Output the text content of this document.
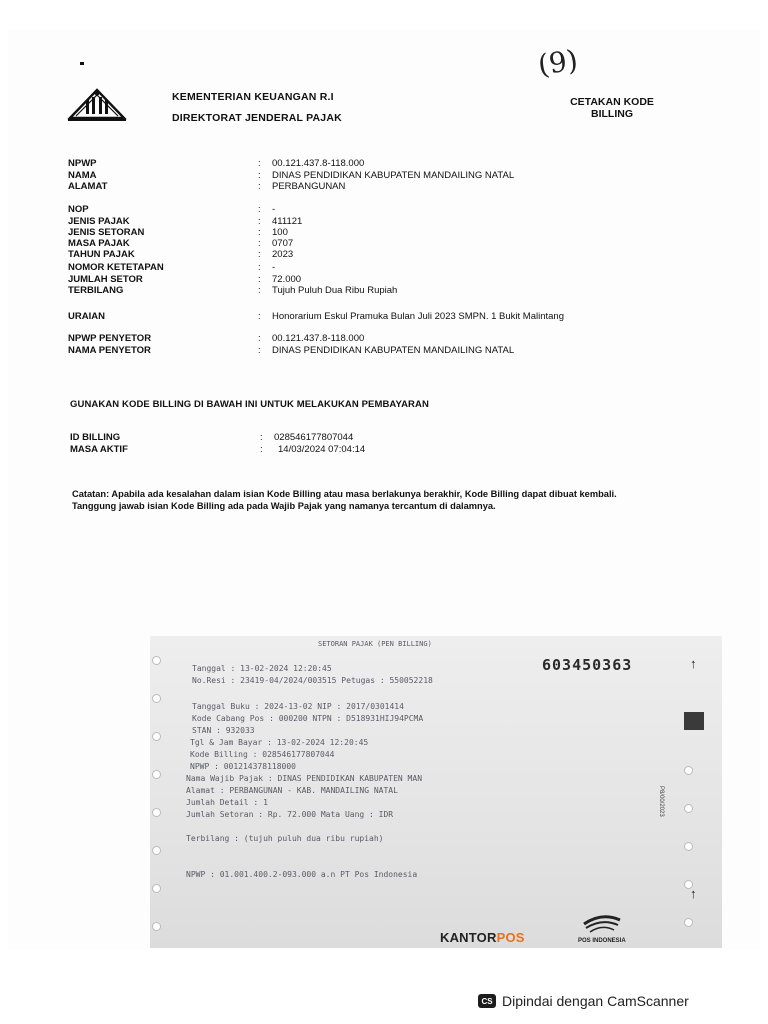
(9)
KEMENTERIAN KEUANGAN R.I
DIREKTORAT JENDERAL PAJAK
CETAKAN KODE
BILLING
NPWP	: 00.121.437.8-118.000
NAMA	: DINAS PENDIDIKAN KABUPATEN MANDAILING NATAL
ALAMAT	: PERBANGUNAN
NOP	: -
JENIS PAJAK	: 411121
JENIS SETORAN	: 100
MASA PAJAK	: 0707
TAHUN PAJAK	: 2023
NOMOR KETETAPAN	: -
JUMLAH SETOR	: 72.000
TERBILANG	: Tujuh Puluh Dua Ribu Rupiah
URAIAN	: Honorarium Eskul Pramuka Bulan Juli 2023 SMPN. 1 Bukit Malintang
NPWP PENYETOR	: 00.121.437.8-118.000
NAMA PENYETOR	: DINAS PENDIDIKAN KABUPATEN MANDAILING NATAL
GUNAKAN KODE BILLING DI BAWAH INI UNTUK MELAKUKAN PEMBAYARAN
ID BILLING	: 028546177807044
MASA AKTIF	: 14/03/2024 07:04:14
Catatan: Apabila ada kesalahan dalam isian Kode Billing atau masa berlakunya berakhir, Kode Billing dapat dibuat kembali. Tanggung jawab isian Kode Billing ada pada Wajib Pajak yang namanya tercantum di dalamnya.
SETORAN PAJAK (PEN BILLING)
603450363	↑
↑
P8/00/2023
Tanggal : 13-02-2024 12:20:45
No.Resi : 23419-04/2024/003515 Petugas : 550052218
Tanggal Buku : 2024-13-02 NIP : 2017/0301414
Kode Cabang Pos : 000200 NTPN : D518931HIJ94PCMA
STAN : 932033
Tgl & Jam Bayar : 13-02-2024 12:20:45
Kode Billing : 028546177807044
NPWP : 001214378118000
Nama Wajib Pajak : DINAS PENDIDIKAN KABUPATEN MAN
Alamat : PERBANGUNAN - KAB. MANDAILING NATAL
Jumlah Detail : 1
Jumlah Setoran : Rp. 72.000 Mata Uang : IDR
Terbilang : (tujuh puluh dua ribu rupiah)
NPWP : 01.001.400.2-093.000 a.n PT Pos Indonesia
KANTORPOS	POS INDONESIA
CS Dipindai dengan CamScanner
